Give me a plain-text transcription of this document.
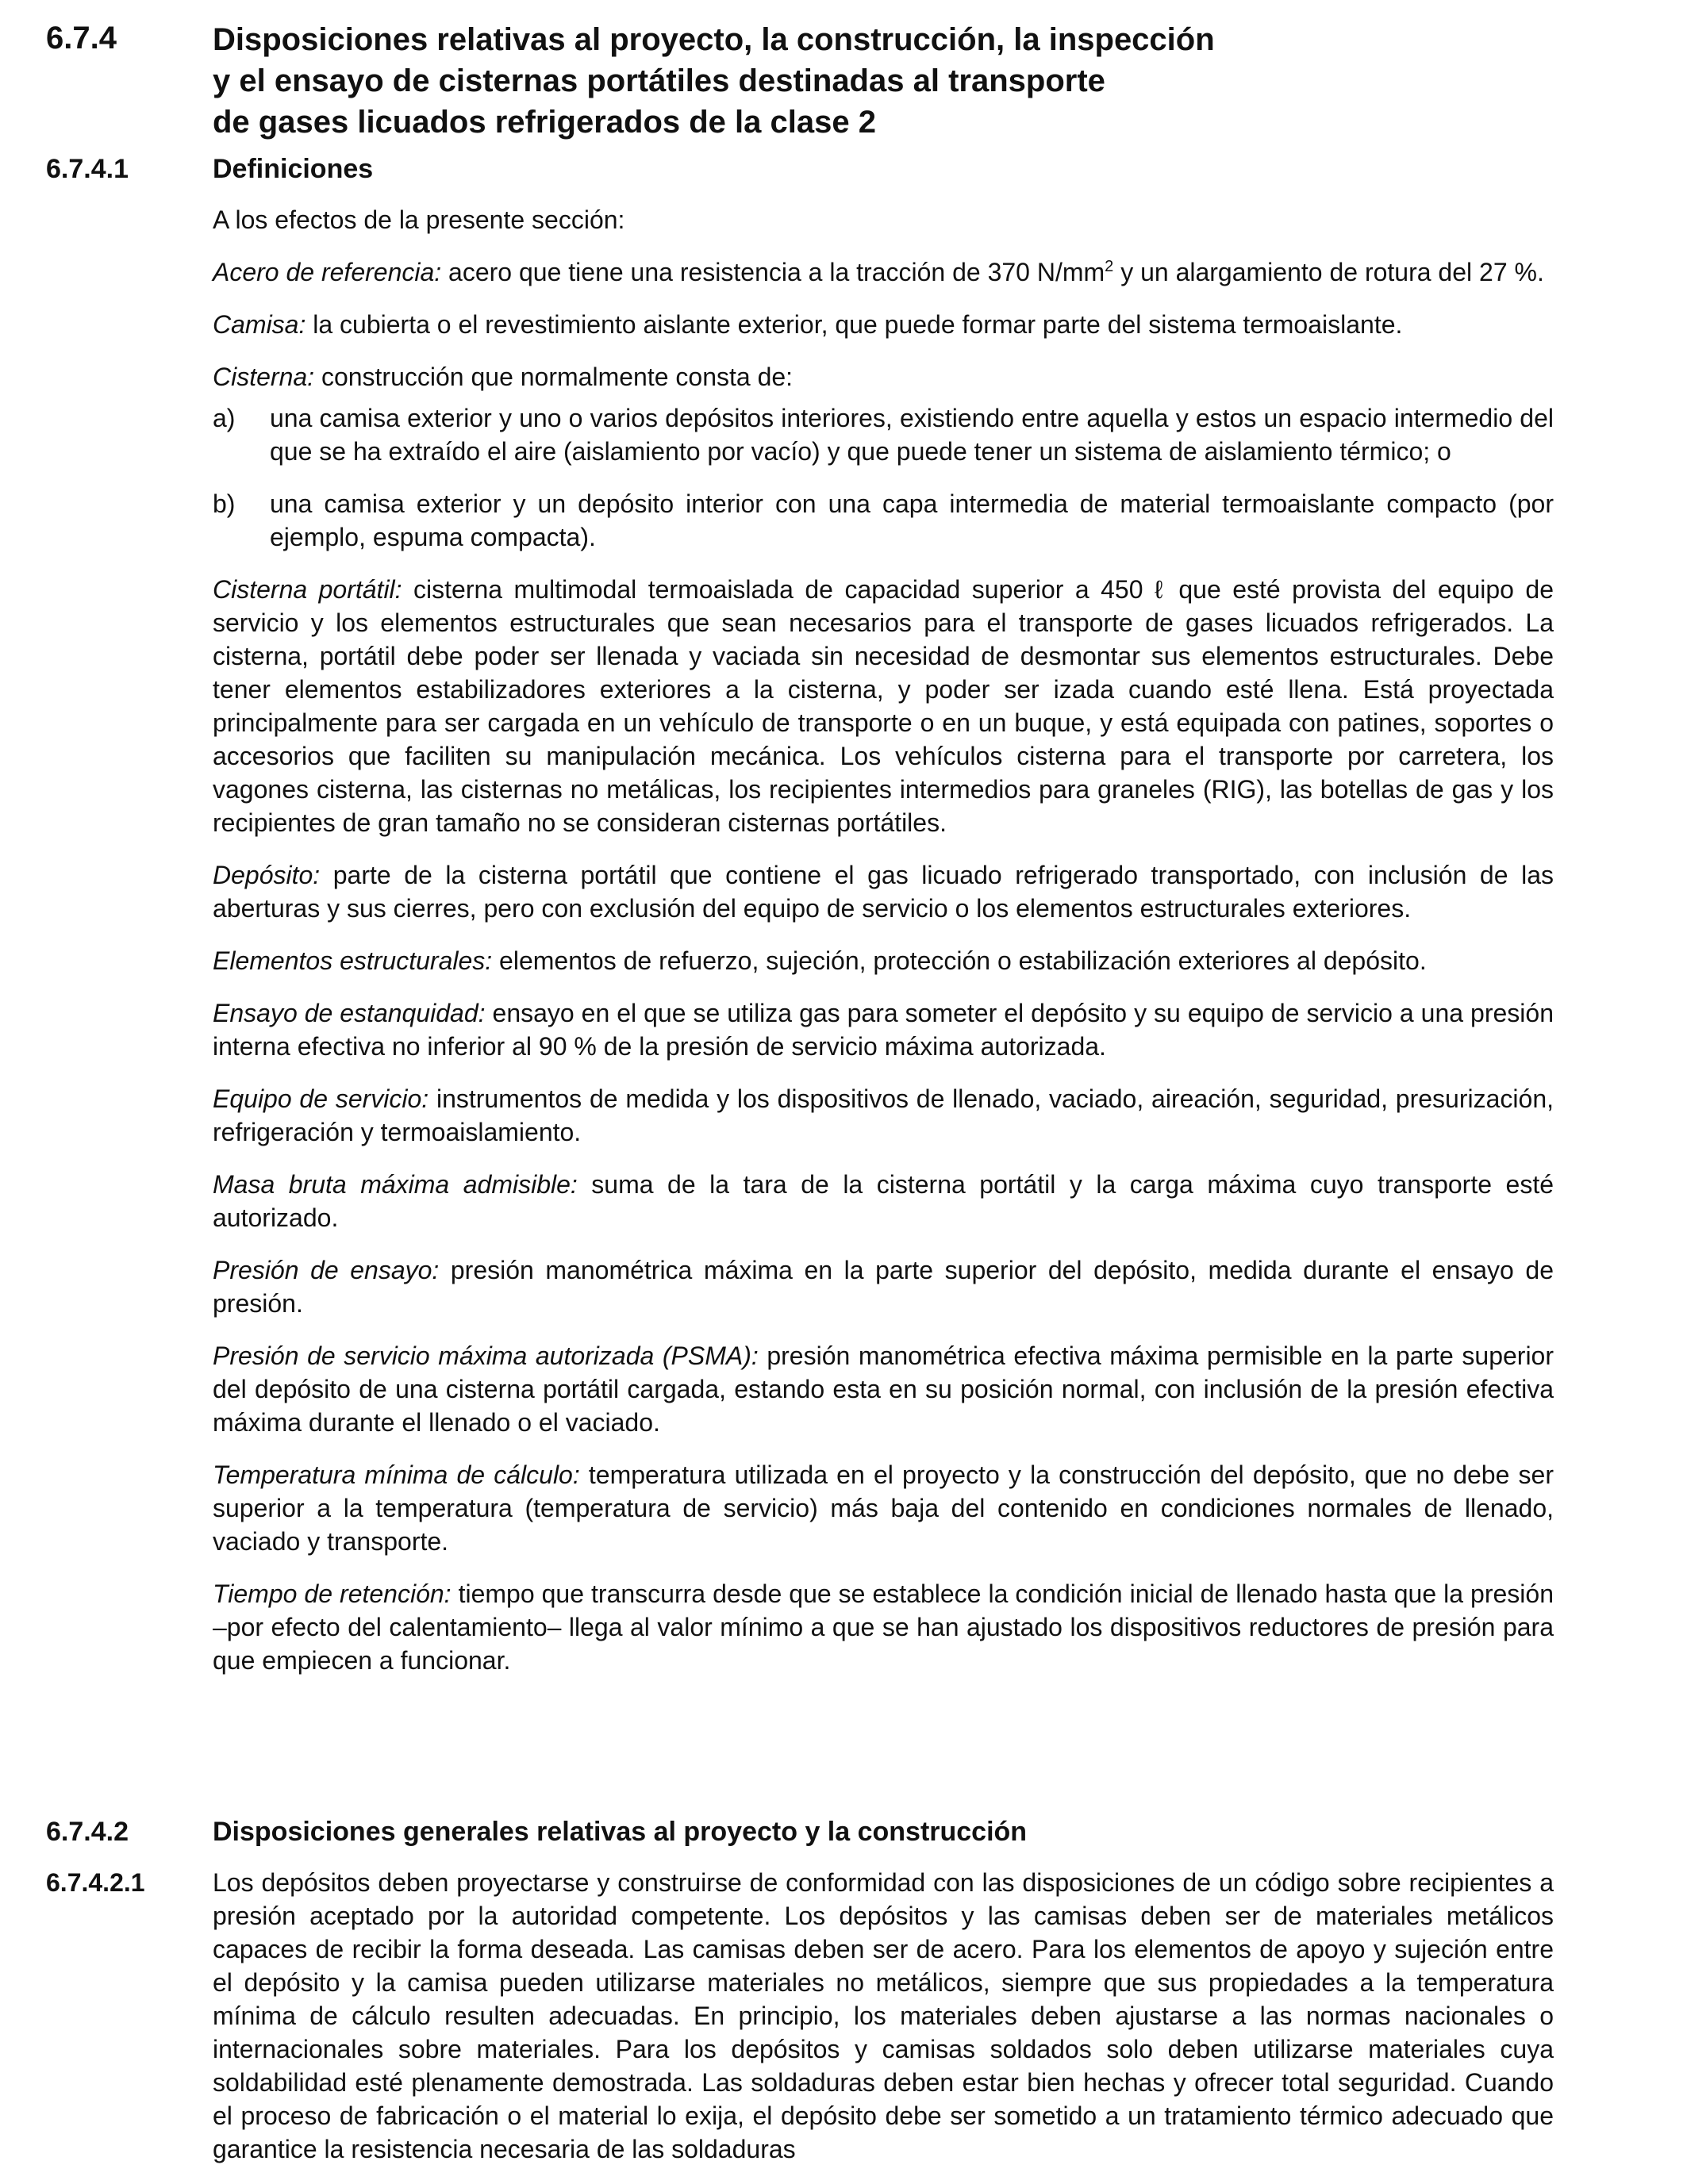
6.7.4	Disposiciones relativas al proyecto, la construcción, la inspección
y el ensayo de cisternas portátiles destinadas al transporte
de gases licuados refrigerados de la clase 2
6.7.4.1	Definiciones

A los efectos de la presente sección:

Acero de referencia: acero que tiene una resistencia a la tracción de 370 $N/mm^2$ y un alargamiento de rotura del 27 %.

Camisa: la cubierta o el revestimiento aislante exterior, que puede formar parte del sistema termoaislante.

Cisterna: construcción que normalmente consta de:

a) una camisa exterior y uno o varios depósitos interiores, existiendo entre aquella y estos un espacio intermedio del que se ha extraído el aire (aislamiento por vacío) y que puede tener un sistema de aislamiento térmico; o
b) una camisa exterior y un depósito interior con una capa intermedia de material termoaislante compacto (por ejemplo, espuma compacta).

Cisterna portátil: cisterna multimodal termoaislada de capacidad superior a 450 ℓ que esté provista del equipo de servicio y los elementos estructurales que sean necesarios para el transporte de gases licuados refrigerados. La cisterna, portátil debe poder ser llenada y vaciada sin necesidad de desmontar sus elementos estructurales. Debe tener elementos estabilizadores exteriores a la cisterna, y poder ser izada cuando esté llena. Está proyectada principalmente para ser cargada en un vehículo de transporte o en un buque, y está equipada con patines, soportes o accesorios que faciliten su manipulación mecánica. Los vehículos cisterna para el transporte por carretera, los vagones cisterna, las cisternas no metálicas, los recipientes intermedios para graneles (RIG), las botellas de gas y los recipientes de gran tamaño no se consideran cisternas portátiles.

Depósito: parte de la cisterna portátil que contiene el gas licuado refrigerado transportado, con inclusión de las aberturas y sus cierres, pero con exclusión del equipo de servicio o los elementos estructurales exteriores.

Elementos estructurales: elementos de refuerzo, sujeción, protección o estabilización exteriores al depósito.

Ensayo de estanquidad: ensayo en el que se utiliza gas para someter el depósito y su equipo de servicio a una presión interna efectiva no inferior al 90 % de la presión de servicio máxima autorizada.

Equipo de servicio: instrumentos de medida y los dispositivos de llenado, vaciado, aireación, seguridad, presurización, refrigeración y termoaislamiento.

Masa bruta máxima admisible: suma de la tara de la cisterna portátil y la carga máxima cuyo transporte esté autorizado.

Presión de ensayo: presión manométrica máxima en la parte superior del depósito, medida durante el ensayo de presión.

Presión de servicio máxima autorizada (PSMA): presión manométrica efectiva máxima permisible en la parte superior del depósito de una cisterna portátil cargada, estando esta en su posición normal, con inclusión de la presión efectiva máxima durante el llenado o el vaciado.

Temperatura mínima de cálculo: temperatura utilizada en el proyecto y la construcción del depósito, que no debe ser superior a la temperatura (temperatura de servicio) más baja del contenido en condiciones normales de llenado, vaciado y transporte.

Tiempo de retención: tiempo que transcurra desde que se establece la condición inicial de llenado hasta que la presión –por efecto del calentamiento– llega al valor mínimo a que se han ajustado los dispositivos reductores de presión para que empiecen a funcionar.

6.7.4.2	Disposiciones generales relativas al proyecto y la construcción
6.7.4.2.1	Los depósitos deben proyectarse y construirse de conformidad con las disposiciones de un código sobre recipientes a presión aceptado por la autoridad competente. Los depósitos y las camisas deben ser de materiales metálicos capaces de recibir la forma deseada. Las camisas deben ser de acero. Para los elementos de apoyo y sujeción entre el depósito y la camisa pueden utilizarse materiales no metálicos, siempre que sus propiedades a la temperatura mínima de cálculo resulten adecuadas. En principio, los materiales deben ajustarse a las normas nacionales o internacionales sobre materiales. Para los depósitos y camisas soldados solo deben utilizarse materiales cuya soldabilidad esté plenamente demostrada. Las soldaduras deben estar bien hechas y ofrecer total seguridad. Cuando el proceso de fabricación o el material lo exija, el depósito debe ser sometido a un tratamiento térmico adecuado que garantice la resistencia necesaria de las soldaduras
